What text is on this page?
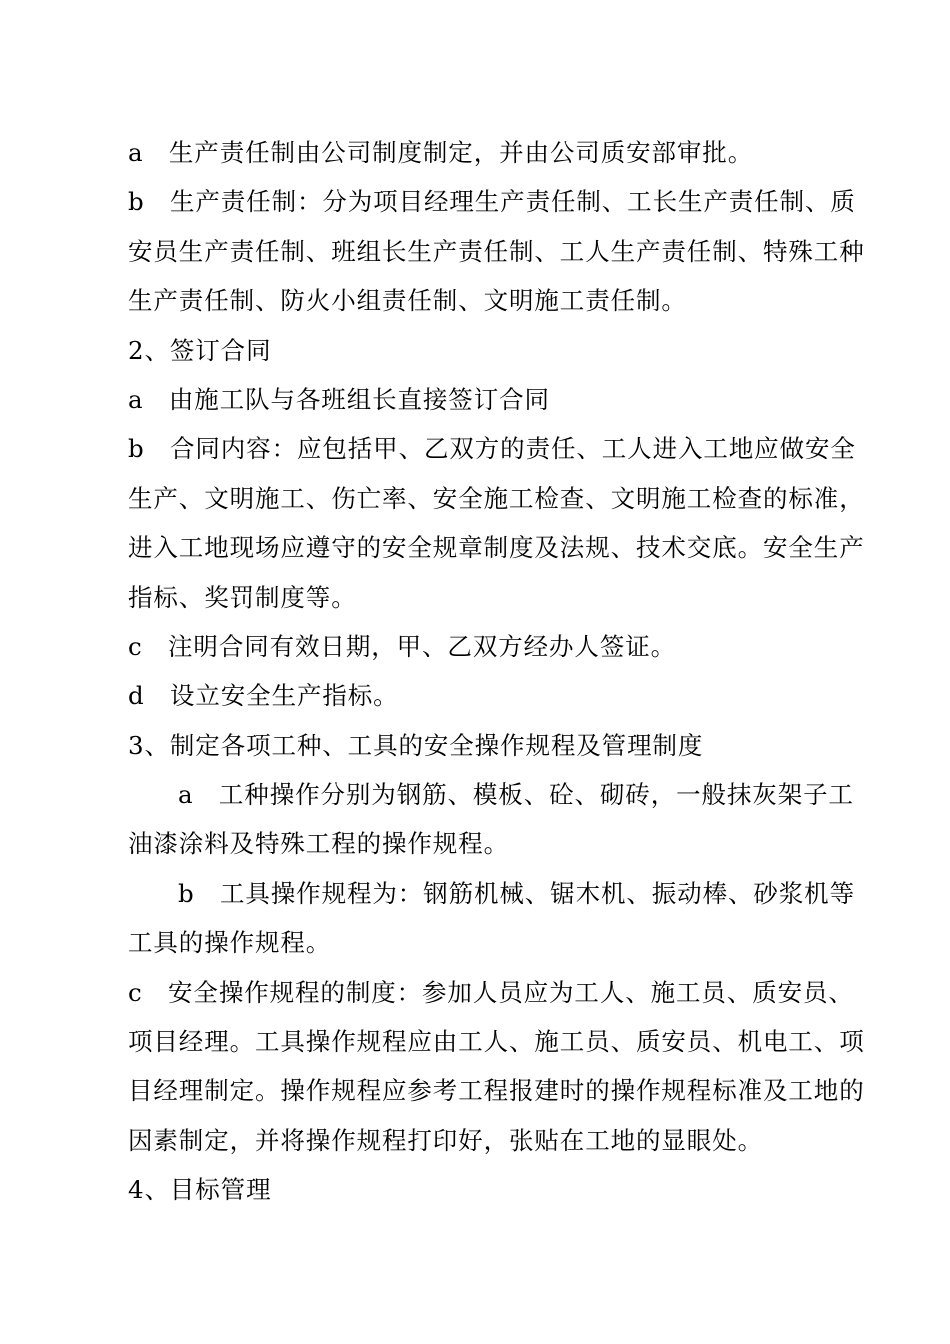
a　生产责任制由公司制度制定，并由公司质安部审批。
b　生产责任制：分为项目经理生产责任制、工长生产责任制、质
安员生产责任制、班组长生产责任制、工人生产责任制、特殊工种
生产责任制、防火小组责任制、文明施工责任制。
2、签订合同
a　由施工队与各班组长直接签订合同
b　合同内容：应包括甲、乙双方的责任、工人进入工地应做安全
生产、文明施工、伤亡率、安全施工检查、文明施工检查的标准，
进入工地现场应遵守的安全规章制度及法规、技术交底。安全生产
指标、奖罚制度等。
c　注明合同有效日期，甲、乙双方经办人签证。
d　设立安全生产指标。
3、制定各项工种、工具的安全操作规程及管理制度
a　工种操作分别为钢筋、模板、砼、砌砖，一般抹灰架子工
油漆涂料及特殊工程的操作规程。
b　工具操作规程为：钢筋机械、锯木机、振动棒、砂浆机等
工具的操作规程。
c　安全操作规程的制度：参加人员应为工人、施工员、质安员、
项目经理。工具操作规程应由工人、施工员、质安员、机电工、项
目经理制定。操作规程应参考工程报建时的操作规程标准及工地的
因素制定，并将操作规程打印好，张贴在工地的显眼处。
4、目标管理
